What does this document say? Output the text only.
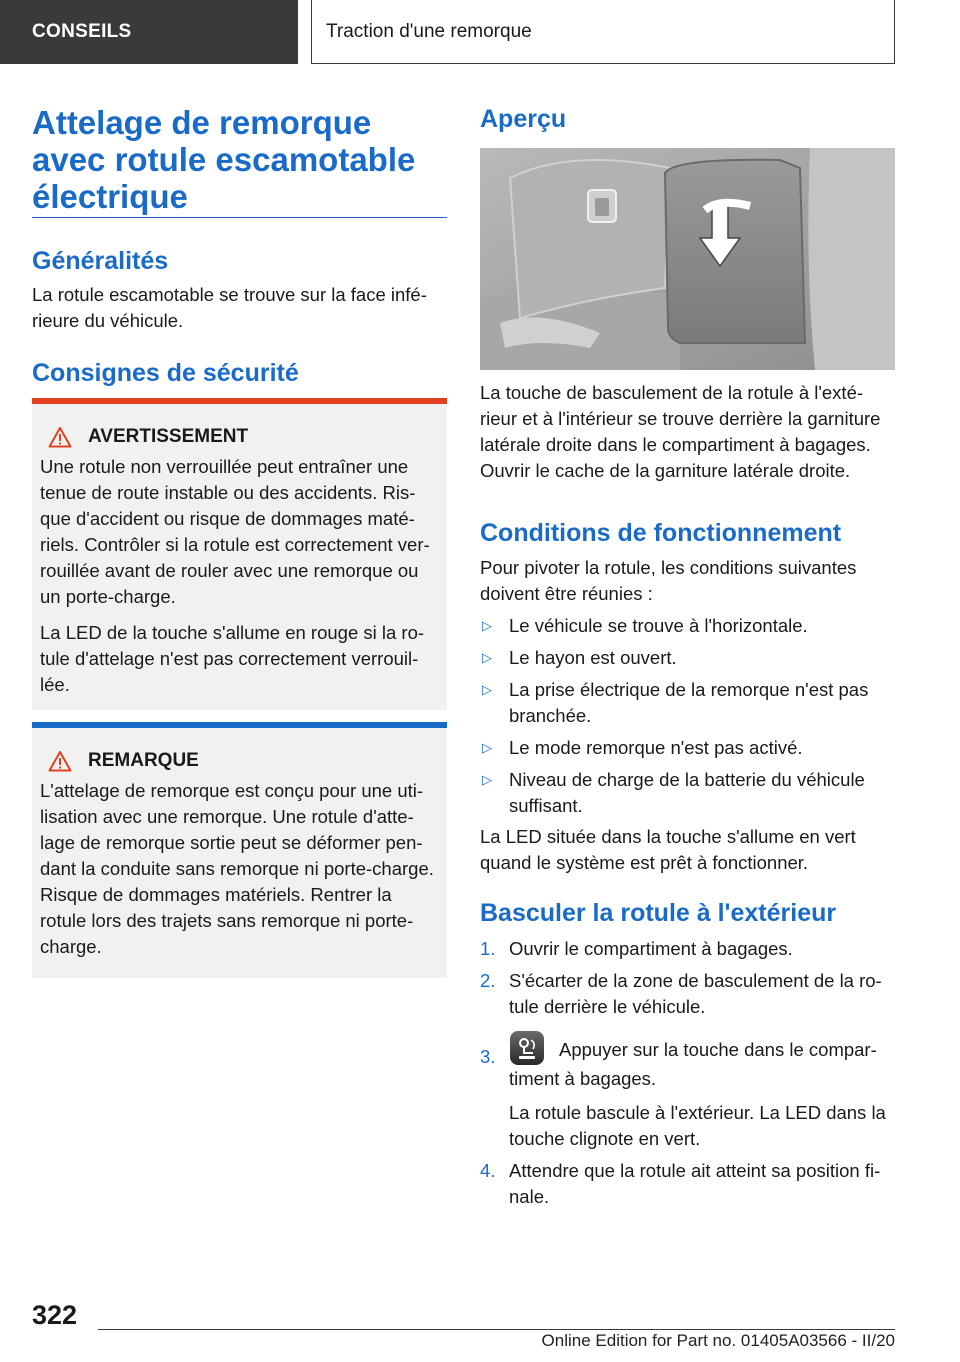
CONSEILS	Traction d'une remorque
Attelage de remorque avec rotule escamotable électrique
Généralités

La rotule escamotable se trouve sur la face infé-rieure du véhicule.

Consignes de sécurité
AVERTISSEMENT
Une rotule non verrouillée peut entraîner une tenue de route instable ou des accidents. Ris-que d'accident ou risque de dommages maté-riels. Contrôler si la rotule est correctement ver-rouillée avant de rouler avec une remorque ou un porte-charge.
La LED de la touche s'allume en rouge si la ro-tule d'attelage n'est pas correctement verrouil-lée.
REMARQUE
L'attelage de remorque est conçu pour une uti-lisation avec une remorque. Une rotule d'atte-lage de remorque sortie peut se déformer pen-dant la conduite sans remorque ni porte-charge. Risque de dommages matériels. Rentrer la rotule lors des trajets sans remorque ni porte-charge.
Aperçu

La touche de basculement de la rotule à l'exté-rieur et à l'intérieur se trouve derrière la garniture latérale droite dans le compartiment à bagages. Ouvrir le cache de la garniture latérale droite.

Conditions de fonctionnement

Pour pivoter la rotule, les conditions suivantes doivent être réunies :

▷ Le véhicule se trouve à l'horizontale.
▷ Le hayon est ouvert.
▷ La prise électrique de la remorque n'est pas branchée.
▷ Le mode remorque n'est pas activé.
▷ Niveau de charge de la batterie du véhicule suffisant.

La LED située dans la touche s'allume en vert quand le système est prêt à fonctionner.

Basculer la rotule à l'extérieur
1. Ouvrir le compartiment à bagages.
2. S'écarter de la zone de basculement de la ro-tule derrière le véhicule.
3.	Appuyer sur la touche dans le compar-timent à bagages.
La rotule bascule à l'extérieur. La LED dans la touche clignote en vert.
4. Attendre que la rotule ait atteint sa position fi-nale.
322
Online Edition for Part no. 01405A03566 - II/20
